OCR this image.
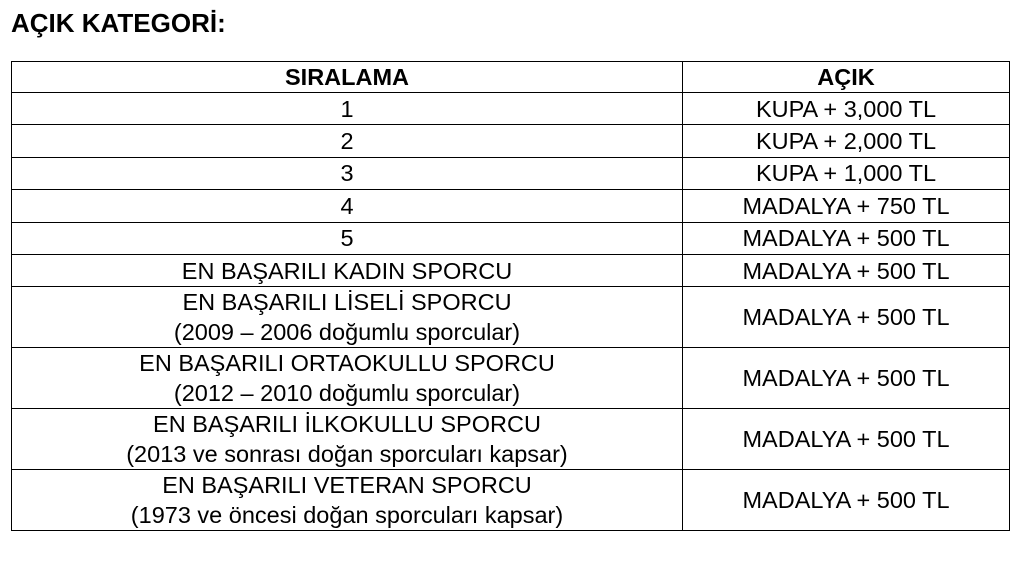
AÇIK KATEGORİ:
SIRALAMA	AÇIK

1	KUPA + 3,000 TL

2	KUPA + 2,000 TL

3	KUPA + 1,000 TL

4	MADALYA + 750 TL

5	MADALYA + 500 TL

EN BAŞARILI KADIN SPORCU	MADALYA + 500 TL

EN BAŞARILI LİSELİ SPORCU
(2009 – 2006 doğumlu sporcular)	MADALYA + 500 TL

EN BAŞARILI ORTAOKULLU SPORCU
(2012 – 2010 doğumlu sporcular)	MADALYA + 500 TL

EN BAŞARILI İLKOKULLU SPORCU
(2013 ve sonrası doğan sporcuları kapsar)	MADALYA + 500 TL

EN BAŞARILI VETERAN SPORCU
(1973 ve öncesi doğan sporcuları kapsar)	MADALYA + 500 TL
